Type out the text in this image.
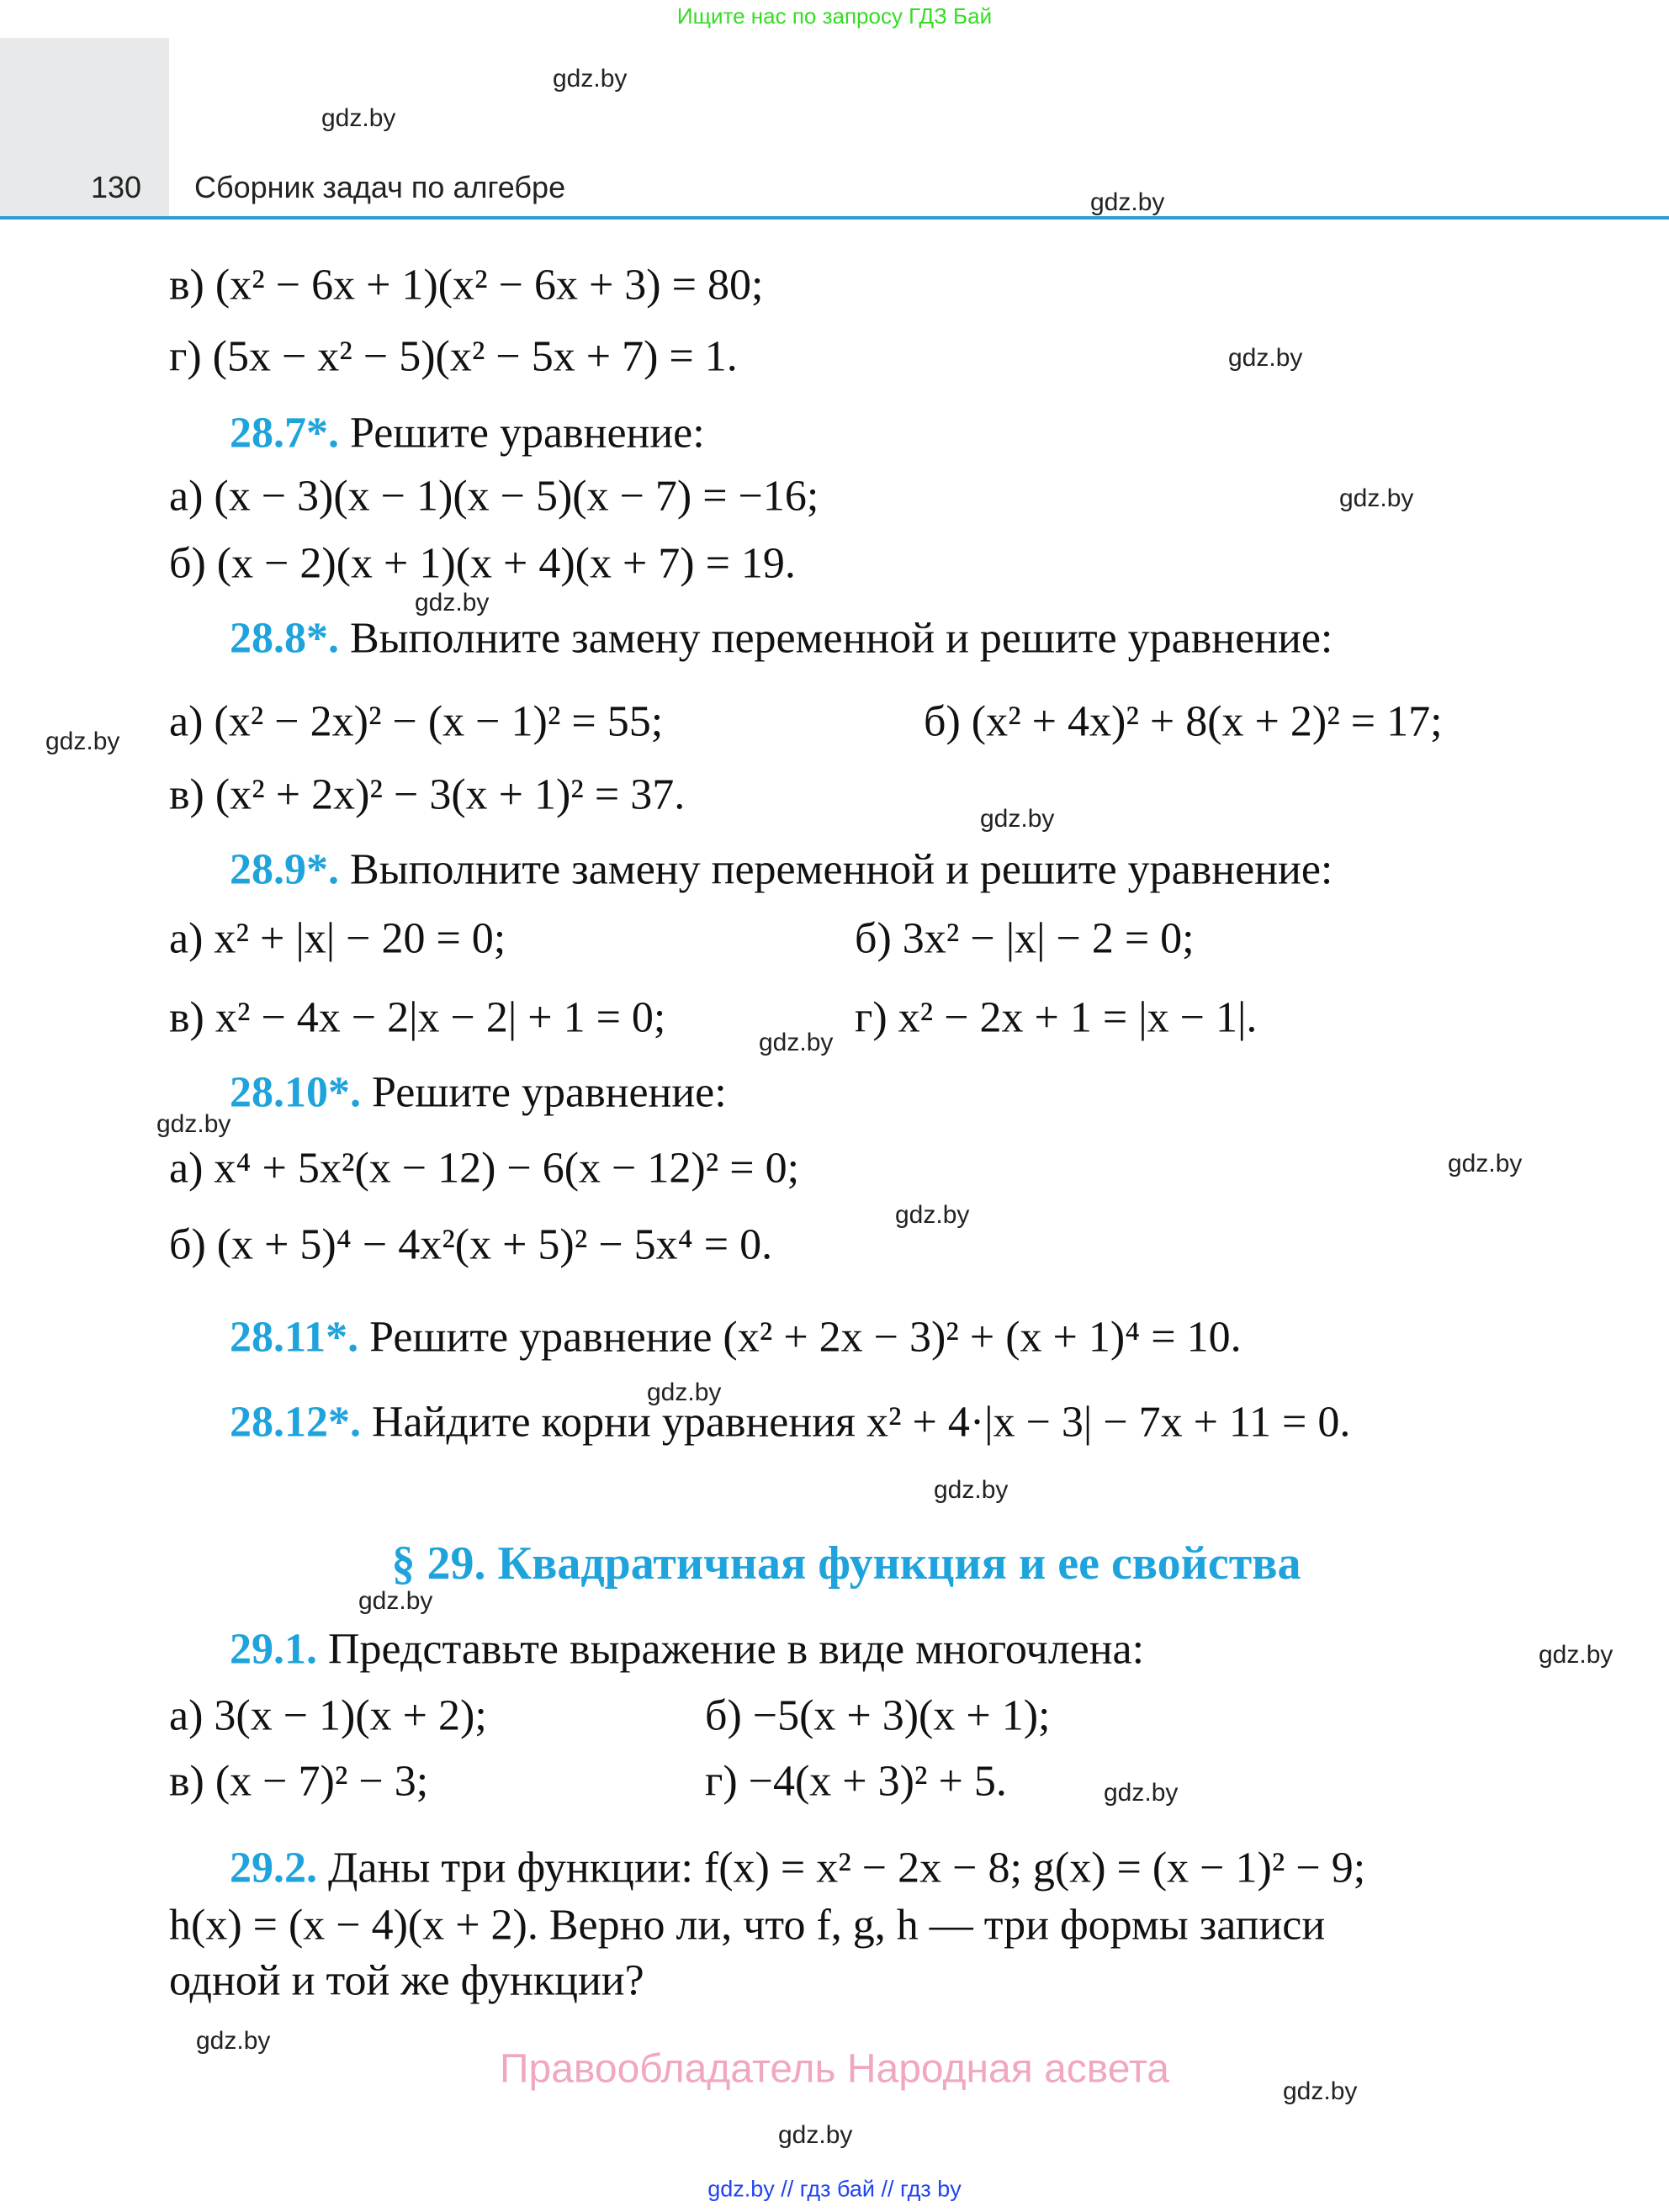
Ищите нас по запросу ГДЗ Бай
130 Сборник задач по алгебре
в) (x² − 6x + 1)(x² − 6x + 3) = 80;
г) (5x − x² − 5)(x² − 5x + 7) = 1.
28.7*. Решите уравнение:
а) (x − 3)(x − 1)(x − 5)(x − 7) = −16;
б) (x − 2)(x + 1)(x + 4)(x + 7) = 19.
28.8*. Выполните замену переменной и решите уравнение:
а) (x² − 2x)² − (x − 1)² = 55;	б) (x² + 4x)² + 8(x + 2)² = 17;
в) (x² + 2x)² − 3(x + 1)² = 37.
28.9*. Выполните замену переменной и решите уравнение:
а) x² + |x| − 20 = 0;	б) 3x² − |x| − 2 = 0;
в) x² − 4x − 2|x − 2| + 1 = 0;	г) x² − 2x + 1 = |x − 1|.
28.10*. Решите уравнение:
а) x⁴ + 5x²(x − 12) − 6(x − 12)² = 0;
б) (x + 5)⁴ − 4x²(x + 5)² − 5x⁴ = 0.
28.11*. Решите уравнение (x² + 2x − 3)² + (x + 1)⁴ = 10.
28.12*. Найдите корни уравнения x² + 4·|x − 3| − 7x + 11 = 0.
§ 29. Квадратичная функция и ее свойства
29.1. Представьте выражение в виде многочлена:
а) 3(x − 1)(x + 2);	б) −5(x + 3)(x + 1);
в) (x − 7)² − 3;	г) −4(x + 3)² + 5.
29.2. Даны три функции: f(x) = x² − 2x − 8; g(x) = (x − 1)² − 9;
h(x) = (x − 4)(x + 2). Верно ли, что f, g, h — три формы записи
одной и той же функции?
gdz.by
gdz.by
gdz.by
gdz.by
gdz.by
gdz.by
gdz.by
gdz.by
gdz.by
gdz.by
gdz.by
gdz.by
gdz.by
gdz.by
gdz.by
gdz.by
gdz.by
gdz.by
gdz.by
gdz.by
Правообладатель Народная асвета
gdz.by // гдз бай // гдз by
